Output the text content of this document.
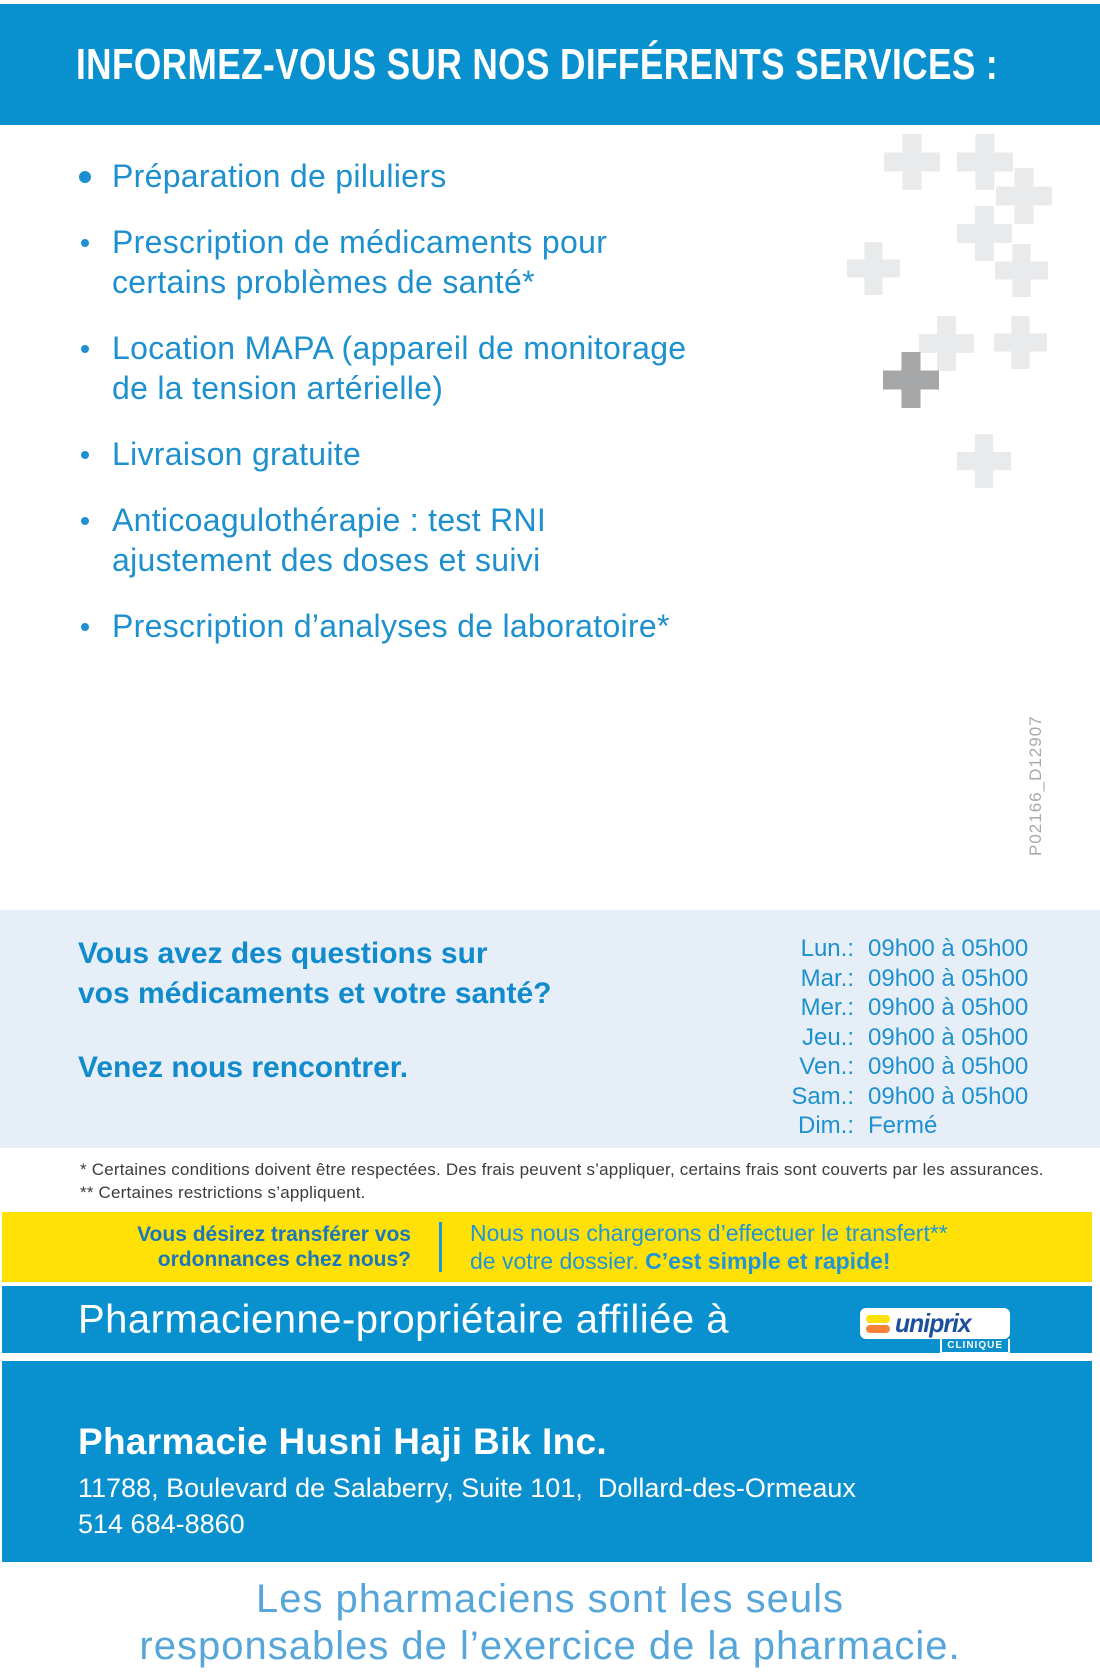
INFORMEZ-VOUS SUR NOS DIFFÉRENTS SERVICES :
Préparation de piluliers
Prescription de médicaments pour
certains problèmes de santé*
Location MAPA (appareil de monitorage
de la tension artérielle)
Livraison gratuite
Anticoagulothérapie : test RNI
ajustement des doses et suivi
Prescription d’analyses de laboratoire*
P02166_D12907
Vous avez des questions sur
vos médicaments et votre santé?
Venez nous rencontrer.
Lun.: 09h00 à 05h00
Mar.: 09h00 à 05h00
Mer.: 09h00 à 05h00
Jeu.: 09h00 à 05h00
Ven.: 09h00 à 05h00
Sam.: 09h00 à 05h00
Dim.: Fermé
* Certaines conditions doivent être respectées. Des frais peuvent s’appliquer, certains frais sont couverts par les assurances.
** Certaines restrictions s’appliquent.
Vous désirez transférer vos
ordonnances chez nous?
Nous nous chargerons d’effectuer le transfert**
de votre dossier. C’est simple et rapide!
Pharmacienne-propriétaire affiliée à	uniprix
CLINIQUE
Pharmacie Husni Haji Bik Inc.
11788, Boulevard de Salaberry, Suite 101,  Dollard-des-Ormeaux
514 684-8860
Les pharmaciens sont les seuls
responsables de l’exercice de la pharmacie.
